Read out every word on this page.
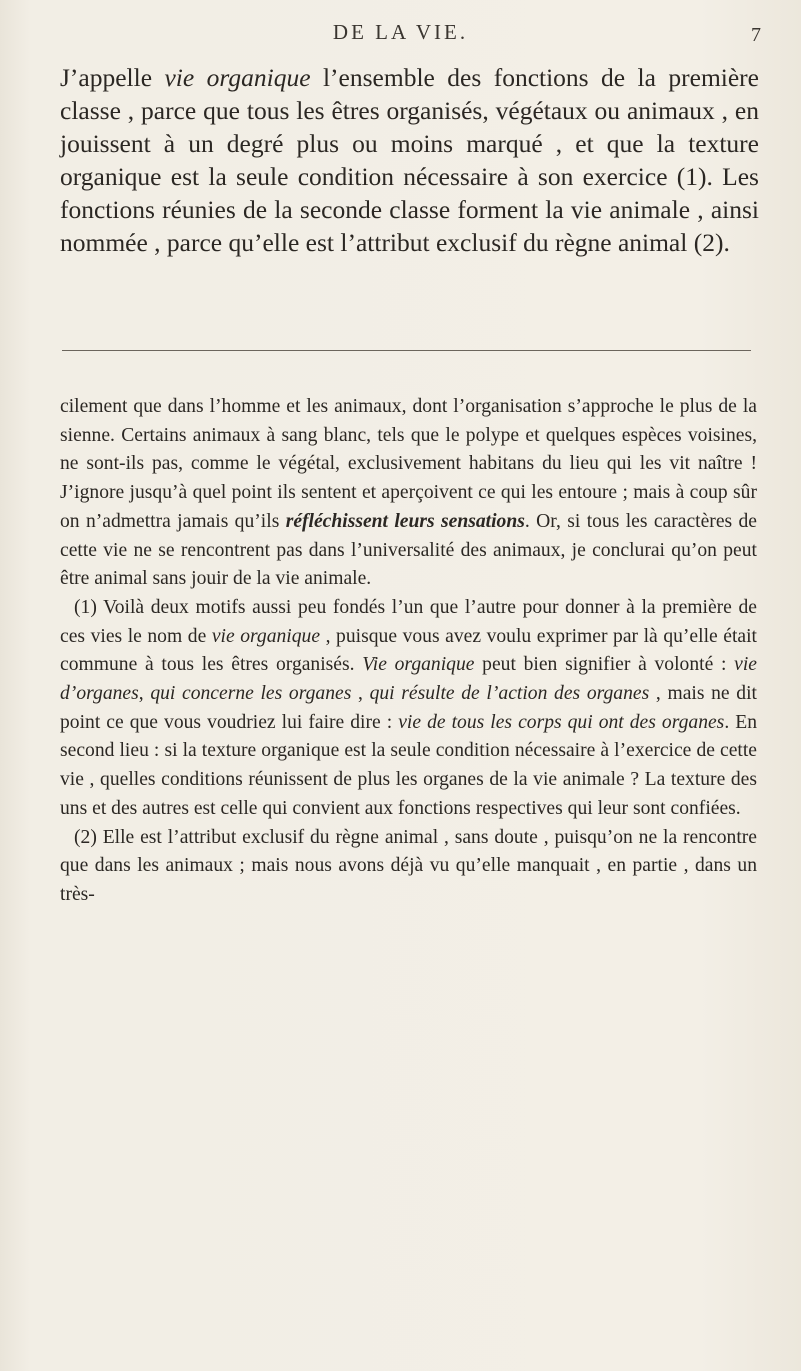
DE LA VIE.	7

J’appelle vie organique l’ensemble des fonctions de la première classe , parce que tous les êtres organisés, végétaux ou animaux , en jouissent à un degré plus ou moins marqué , et que la texture organique est la seule condition nécessaire à son exercice (1). Les fonctions réunies de la seconde classe forment la vie animale , ainsi nommée , parce qu’elle est l’attribut exclusif du règne animal (2).

cilement que dans l’homme et les animaux, dont l’organisation s’approche le plus de la sienne. Certains animaux à sang blanc, tels que le polype et quelques espèces voisines, ne sont-ils pas, comme le végétal, exclusivement habitans du lieu qui les vit naître ! J’ignore jusqu’à quel point ils sentent et aperçoivent ce qui les entoure ; mais à coup sûr on n’admettra jamais qu’ils réfléchissent leurs sensations. Or, si tous les caractères de cette vie ne se rencontrent pas dans l’universalité des animaux, je conclurai qu’on peut être animal sans jouir de la vie animale.

(1) Voilà deux motifs aussi peu fondés l’un que l’autre pour donner à la première de ces vies le nom de vie organique , puisque vous avez voulu exprimer par là qu’elle était commune à tous les êtres organisés. Vie organique peut bien signifier à volonté : vie d’organes, qui concerne les organes , qui résulte de l’action des organes , mais ne dit point ce que vous voudriez lui faire dire : vie de tous les corps qui ont des organes. En second lieu : si la texture organique est la seule condition nécessaire à l’exercice de cette vie , quelles conditions réunissent de plus les organes de la vie animale ? La texture des uns et des autres est celle qui convient aux fonctions respectives qui leur sont confiées.

(2) Elle est l’attribut exclusif du règne animal , sans doute , puisqu’on ne la rencontre que dans les animaux ; mais nous avons déjà vu qu’elle manquait , en partie , dans un très-
